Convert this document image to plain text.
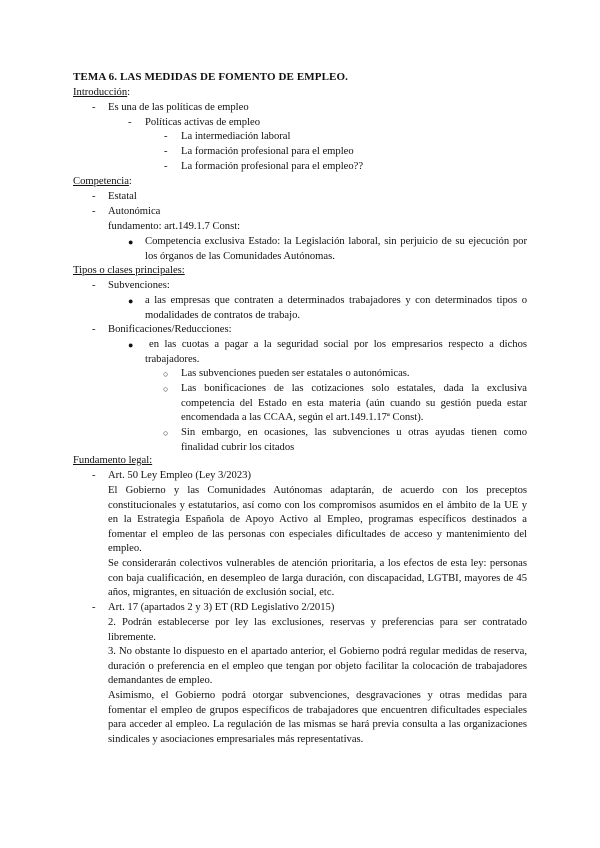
TEMA 6. LAS MEDIDAS DE FOMENTO DE EMPLEO.
Introducción:
- Es una de las políticas de empleo
- Políticas activas de empleo
- La intermediación laboral
- La formación profesional para el empleo
- La formación profesional para el empleo??
Competencia:
- Estatal
- Autonómica
fundamento: art.149.1.7 Const:
● Competencia exclusiva Estado: la Legislación laboral, sin perjuicio de su ejecución por los órganos de las Comunidades Autónomas.
Tipos o clases principales:
- Subvenciones:
● a las empresas que contraten a determinados trabajadores y con determinados tipos o modalidades de contratos de trabajo.
- Bonificaciones/Reducciones:
●	en las cuotas a pagar a la seguridad social por los empresarios respecto a dichos trabajadores.
○ Las subvenciones pueden ser estatales o autonómicas.
○ Las bonificaciones de las cotizaciones solo estatales, dada la exclusiva competencia del Estado en esta materia (aún cuando su gestión pueda estar encomendada a las CCAA, según el art.149.1.17ª Const).
○ Sin embargo, en ocasiones, las subvenciones u otras ayudas tienen como finalidad cubrir los citados
Fundamento legal:
- Art. 50 Ley Empleo (Ley 3/2023)
El Gobierno y las Comunidades Autónomas adaptarán, de acuerdo con los preceptos constitucionales y estatutarios, así como con los compromisos asumidos en el ámbito de la UE y en la Estrategia Española de Apoyo Activo al Empleo, programas específicos destinados a fomentar el empleo de las personas con especiales dificultades de acceso y mantenimiento del empleo.
Se considerarán colectivos vulnerables de atención prioritaria, a los efectos de esta ley: personas con baja cualificación, en desempleo de larga duración, con discapacidad, LGTBI, mayores de 45 años, migrantes, en situación de exclusión social, etc.
- Art. 17 (apartados 2 y 3) ET (RD Legislativo 2/2015)
2. Podrán establecerse por ley las exclusiones, reservas y preferencias para ser contratado libremente.
3. No obstante lo dispuesto en el apartado anterior, el Gobierno podrá regular medidas de reserva, duración o preferencia en el empleo que tengan por objeto facilitar la colocación de trabajadores demandantes de empleo.
Asimismo, el Gobierno podrá otorgar subvenciones, desgravaciones y otras medidas para fomentar el empleo de grupos específicos de trabajadores que encuentren dificultades especiales para acceder al empleo. La regulación de las mismas se hará previa consulta a las organizaciones sindicales y asociaciones empresariales más representativas.
